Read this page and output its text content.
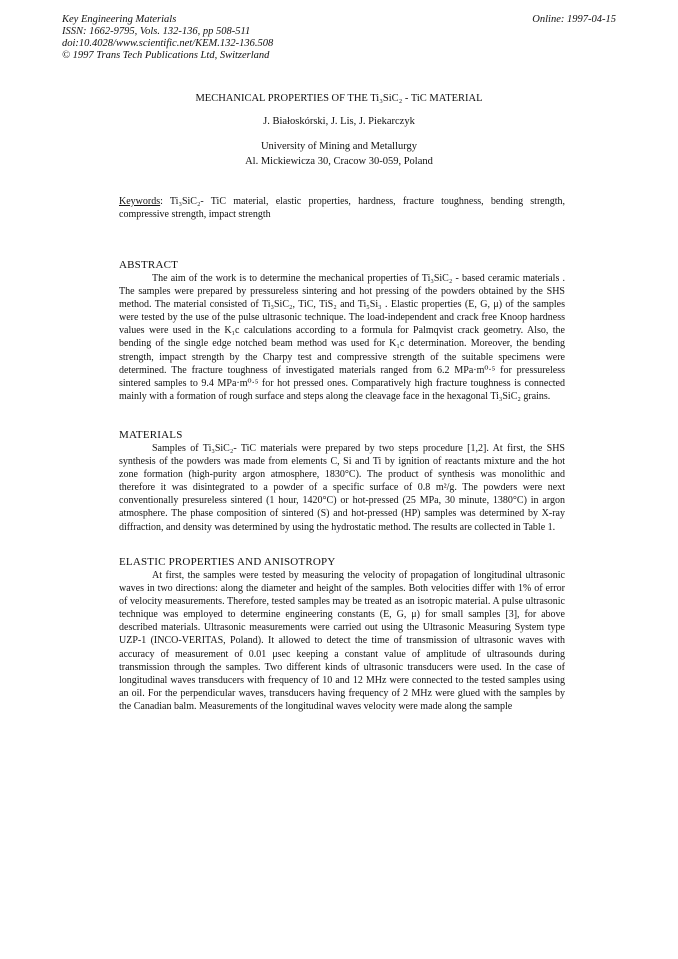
Key Engineering Materials
ISSN: 1662-9795, Vols. 132-136, pp 508-511
doi:10.4028/www.scientific.net/KEM.132-136.508
© 1997 Trans Tech Publications Ltd, Switzerland
Online: 1997-04-15
MECHANICAL PROPERTIES OF THE Ti₃SiC₂ - TiC MATERIAL
J. Białoskórski, J. Lis, J. Piekarczyk
University of Mining and Metallurgy
Al. Mickiewicza 30, Cracow 30-059, Poland
Keywords: Ti₃SiC₂- TiC material, elastic properties, hardness, fracture toughness, bending strength, compressive strength, impact strength
ABSTRACT
The aim of the work is to determine the mechanical properties of Ti₃SiC₂ - based ceramic materials . The samples were prepared by pressureless sintering and hot pressing of the powders obtained by the SHS method. The material consisted of Ti₃SiC₂, TiC, TiS₂ and Ti₅Si₃ . Elastic properties (E, G, μ) of the samples were tested by the use of the pulse ultrasonic technique. The load-independent and crack free Knoop hardness values were used in the K₁c calculations according to a formula for Palmqvist crack geometry. Also, the bending of the single edge notched beam method was used for K₁c determination. Moreover, the bending strength, impact strength by the Charpy test and compressive strength of the suitable specimens were determined. The fracture toughness of investigated materials ranged from 6.2 MPa·m⁰·⁵ for pressureless sintered samples to 9.4 MPa·m⁰·⁵ for hot pressed ones. Comparatively high fracture toughness is connected mainly with a formation of rough surface and steps along the cleavage face in the hexagonal Ti₃SiC₂ grains.
MATERIALS
Samples of Ti₃SiC₂- TiC materials were prepared by two steps procedure [1,2]. At first, the SHS synthesis of the powders was made from elements C, Si and Ti by ignition of reactants mixture and the hot zone formation (high-purity argon atmosphere, 1830°C). The product of synthesis was monolithic and therefore it was disintegrated to a powder of a specific surface of 0.8 m²/g. The powders were next conventionally presureless sintered (1 hour, 1420°C) or hot-pressed (25 MPa, 30 minute, 1380°C) in argon atmosphere. The phase composition of sintered (S) and hot-pressed (HP) samples was determined by X-ray diffraction, and density was determined by using the hydrostatic method. The results are collected in Table 1.
ELASTIC PROPERTIES AND ANISOTROPY
At first, the samples were tested by measuring the velocity of propagation of longitudinal ultrasonic waves in two directions: along the diameter and height of the samples. Both velocities differ with 1% of error of velocity measurements. Therefore, tested samples may be treated as an isotropic material. A pulse ultrasonic technique was employed to determine engineering constants (E, G, μ) for small samples [3], for above described materials. Ultrasonic measurements were carried out using the Ultrasonic Measuring System type UZP-1 (INCO-VERITAS, Poland). It allowed to detect the time of transmission of ultrasonic waves with accuracy of measurement of 0.01 μsec keeping a constant value of amplitude of ultrasounds during transmission through the samples. Two different kinds of ultrasonic transducers were used. In the case of longitudinal waves transducers with frequency of 10 and 12 MHz were connected to the tested samples using an oil. For the perpendicular waves, transducers having frequency of 2 MHz were glued with the samples by the Canadian balm. Measurements of the longitudinal waves velocity were made along the sample
